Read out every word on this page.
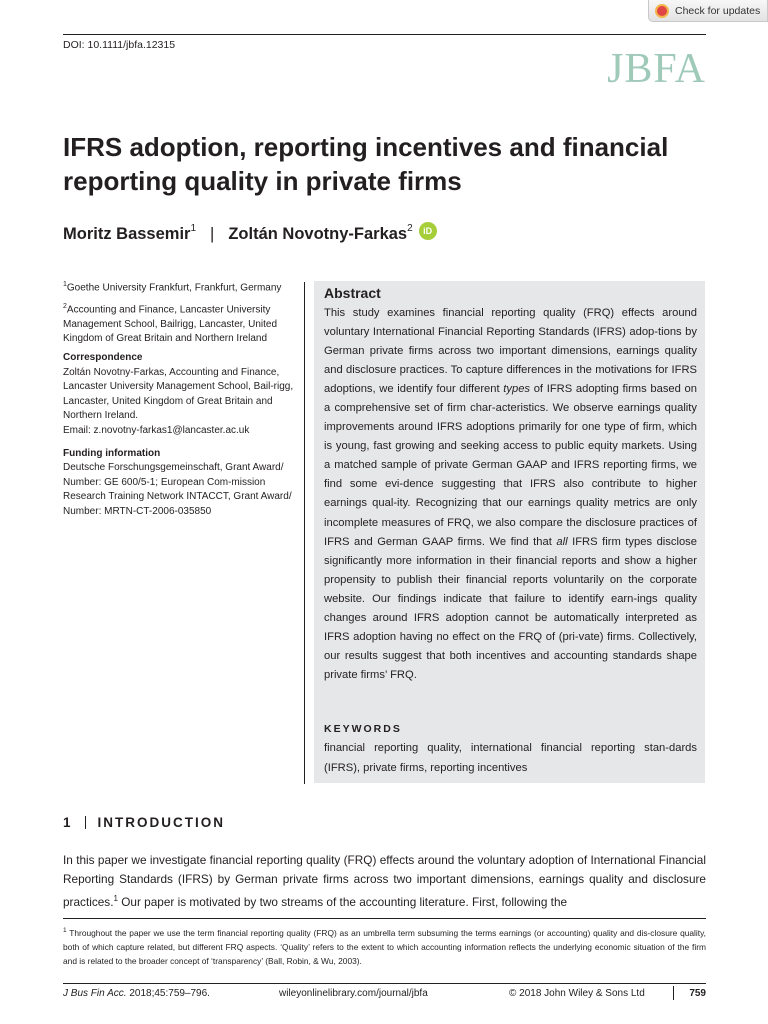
Check for updates
DOI: 10.1111/jbfa.12315
JBFA
IFRS adoption, reporting incentives and financial reporting quality in private firms
Moritz Bassemir$^1$ | Zoltán Novotny-Farkas$^2$	iD

$^1$Goethe University Frankfurt, Frankfurt, Germany

$^2$Accounting and Finance, Lancaster University Management School, Bailrigg, Lancaster, United Kingdom of Great Britain and Northern Ireland

Correspondence

Zoltán Novotny-Farkas, Accounting and Finance, Lancaster University Management School, Bail-rigg, Lancaster, United Kingdom of Great Britain and Northern Ireland.

Email: z.novotny-farkas1@lancaster.ac.uk

Funding information

Deutsche Forschungsgemeinschaft, Grant Award/ Number: GE 600/5-1; European Com-mission Research Training Network INTACCT, Grant Award/ Number: MRTN-CT-2006-035850

Abstract

This study examines financial reporting quality (FRQ) effects around voluntary International Financial Reporting Standards (IFRS) adop-tions by German private firms across two important dimensions, earnings quality and disclosure practices. To capture differences in the motivations for IFRS adoptions, we identify four different types of IFRS adopting firms based on a comprehensive set of firm char-acteristics. We observe earnings quality improvements around IFRS adoptions primarily for one type of firm, which is young, fast growing and seeking access to public equity markets. Using a matched sample of private German GAAP and IFRS reporting firms, we find some evi-dence suggesting that IFRS also contribute to higher earnings qual-ity. Recognizing that our earnings quality metrics are only incomplete measures of FRQ, we also compare the disclosure practices of IFRS and German GAAP firms. We find that all IFRS firm types disclose significantly more information in their financial reports and show a higher propensity to publish their financial reports voluntarily on the corporate website. Our findings indicate that failure to identify earn-ings quality changes around IFRS adoption cannot be automatically interpreted as IFRS adoption having no effect on the FRQ of (pri-vate) firms. Collectively, our results suggest that both incentives and accounting standards shape private firms’ FRQ.

KEYWORDS

financial reporting quality, international financial reporting stan-dards (IFRS), private firms, reporting incentives

1 INTRODUCTION

In this paper we investigate financial reporting quality (FRQ) effects around the voluntary adoption of International Financial Reporting Standards (IFRS) by German private firms across two important dimensions, earnings quality and disclosure practices.$^1$ Our paper is motivated by two streams of the accounting literature. First, following the

$^1$ Throughout the paper we use the term financial reporting quality (FRQ) as an umbrella term subsuming the terms earnings (or accounting) quality and dis-closure quality, both of which capture related, but different FRQ aspects. ‘Quality’ refers to the extent to which accounting information reflects the underlying economic situation of the firm and is related to the broader concept of ‘transparency’ (Ball, Robin, & Wu, 2003).

J Bus Fin Acc. 2018;45:759–796.	wileyonlinelibrary.com/journal/jbfa	© 2018 John Wiley & Sons Ltd	759
